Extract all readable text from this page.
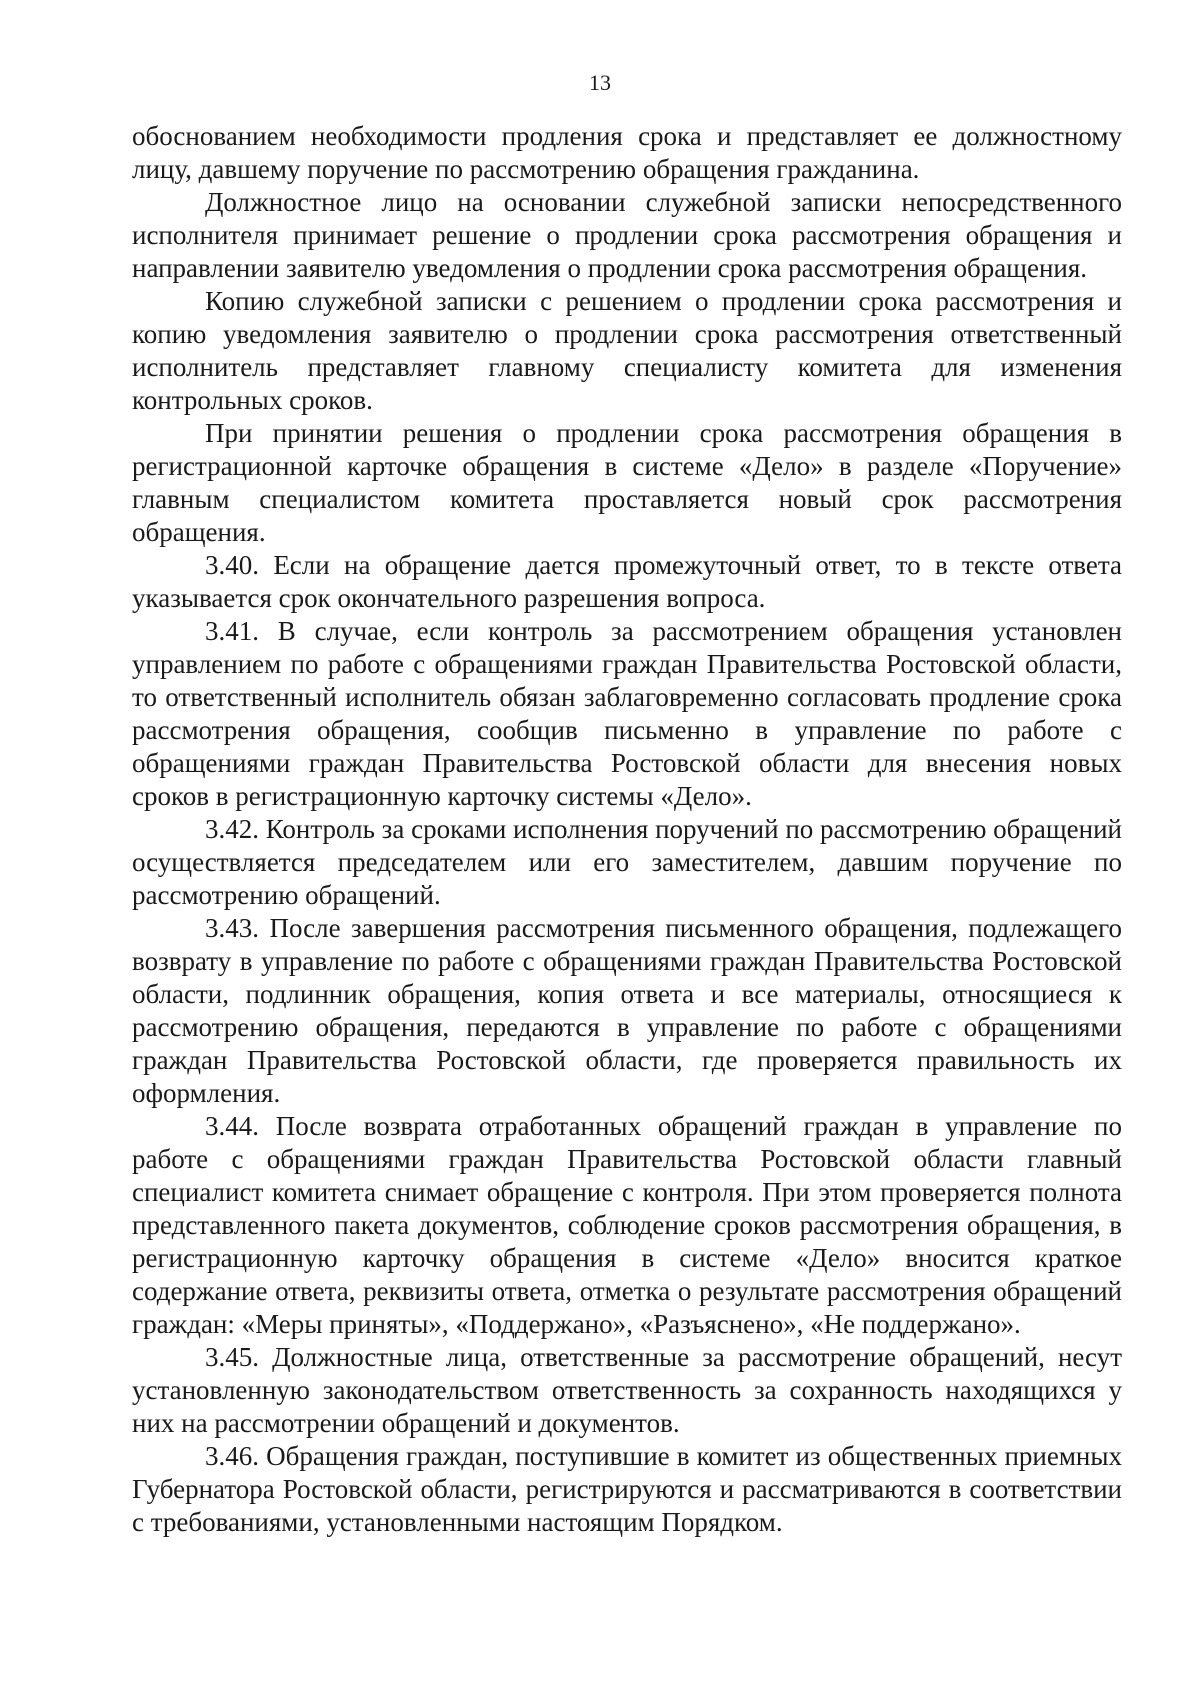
13

обоснованием необходимости продления срока и представляет ее должностному лицу, давшему поручение по рассмотрению обращения гражданина.

Должностное лицо на основании служебной записки непосредственного исполнителя принимает решение о продлении срока рассмотрения обращения и направлении заявителю уведомления о продлении срока рассмотрения обращения.

Копию служебной записки с решением о продлении срока рассмотрения и копию уведомления заявителю о продлении срока рассмотрения ответственный исполнитель представляет главному специалисту комитета для изменения контрольных сроков.

При принятии решения о продлении срока рассмотрения обращения в регистрационной карточке обращения в системе «Дело» в разделе «Поручение» главным специалистом комитета проставляется новый срок рассмотрения обращения.

3.40. Если на обращение дается промежуточный ответ, то в тексте ответа указывается срок окончательного разрешения вопроса.

3.41. В случае, если контроль за рассмотрением обращения установлен управлением по работе с обращениями граждан Правительства Ростовской области, то ответственный исполнитель обязан заблаговременно согласовать продление срока рассмотрения обращения, сообщив письменно в управление по работе с обращениями граждан Правительства Ростовской области для внесения новых сроков в регистрационную карточку системы «Дело».

3.42. Контроль за сроками исполнения поручений по рассмотрению обращений осуществляется председателем или его заместителем, давшим поручение по рассмотрению обращений.

3.43. После завершения рассмотрения письменного обращения, подлежащего возврату в управление по работе с обращениями граждан Правительства Ростовской области, подлинник обращения, копия ответа и все материалы, относящиеся к рассмотрению обращения, передаются в управление по работе с обращениями граждан Правительства Ростовской области, где проверяется правильность их оформления.

3.44. После возврата отработанных обращений граждан в управление по работе с обращениями граждан Правительства Ростовской области главный специалист комитета снимает обращение с контроля. При этом проверяется полнота представленного пакета документов, соблюдение сроков рассмотрения обращения, в регистрационную карточку обращения в системе «Дело» вносится краткое содержание ответа, реквизиты ответа, отметка о результате рассмотрения обращений граждан: «Меры приняты», «Поддержано», «Разъяснено», «Не поддержано».

3.45. Должностные лица, ответственные за рассмотрение обращений, несут установленную законодательством ответственность за сохранность находящихся у них на рассмотрении обращений и документов.

3.46. Обращения граждан, поступившие в комитет из общественных приемных Губернатора Ростовской области, регистрируются и рассматриваются в соответствии с требованиями, установленными настоящим Порядком.
